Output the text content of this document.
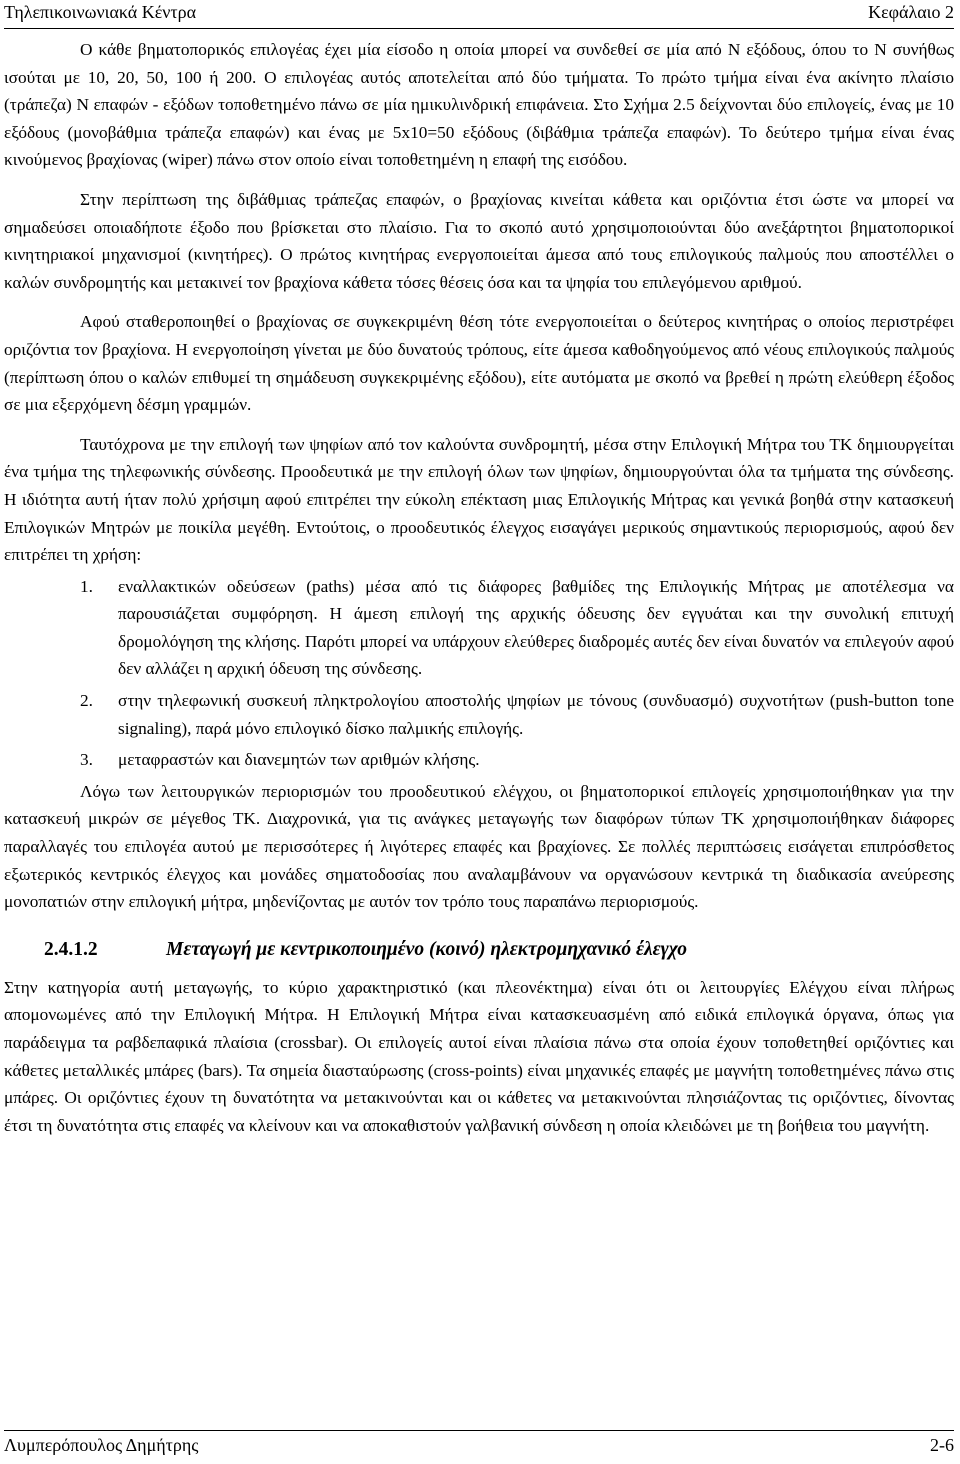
Τηλεπικοινωνιακά Κέντρα	Κεφάλαιο 2

Ο κάθε βηματοπορικός επιλογέας έχει μία είσοδο η οποία μπορεί να συνδεθεί σε μία από N εξόδους, όπου το N συνήθως ισούται με 10, 20, 50, 100 ή 200. Ο επιλογέας αυτός αποτελείται από δύο τμήματα. Το πρώτο τμήμα είναι ένα ακίνητο πλαίσιο (τράπεζα) N επαφών - εξόδων τοποθετημένο πάνω σε μία ημικυλινδρική επιφάνεια. Στο Σχήμα 2.5 δείχνονται δύο επιλογείς, ένας με 10 εξόδους (μονοβάθμια τράπεζα επαφών) και ένας με 5x10=50 εξόδους (διβάθμια τράπεζα επαφών). Το δεύτερο τμήμα είναι ένας κινούμενος βραχίονας (wiper) πάνω στον οποίο είναι τοποθετημένη η επαφή της εισόδου.

Στην περίπτωση της διβάθμιας τράπεζας επαφών, ο βραχίονας κινείται κάθετα και οριζόντια έτσι ώστε να μπορεί να σημαδεύσει οποιαδήποτε έξοδο που βρίσκεται στο πλαίσιο. Για το σκοπό αυτό χρησιμοποιούνται δύο ανεξάρτητοι βηματοπορικοί κινητηριακοί μηχανισμοί (κινητήρες). Ο πρώτος κινητήρας ενεργοποιείται άμεσα από τους επιλογικούς παλμούς που αποστέλλει ο καλών συνδρομητής και μετακινεί τον βραχίονα κάθετα τόσες θέσεις όσα και τα ψηφία του επιλεγόμενου αριθμού.

Αφού σταθεροποιηθεί ο βραχίονας σε συγκεκριμένη θέση τότε ενεργοποιείται ο δεύτερος κινητήρας ο οποίος περιστρέφει οριζόντια τον βραχίονα. Η ενεργοποίηση γίνεται με δύο δυνατούς τρόπους, είτε άμεσα καθοδηγούμενος από νέους επιλογικούς παλμούς (περίπτωση όπου ο καλών επιθυμεί τη σημάδευση συγκεκριμένης εξόδου), είτε αυτόματα με σκοπό να βρεθεί η πρώτη ελεύθερη έξοδος σε μια εξερχόμενη δέσμη γραμμών.

Ταυτόχρονα με την επιλογή των ψηφίων από τον καλούντα συνδρομητή, μέσα στην Επιλογική Μήτρα του ΤΚ δημιουργείται ένα τμήμα της τηλεφωνικής σύνδεσης. Προοδευτικά με την επιλογή όλων των ψηφίων, δημιουργούνται όλα τα τμήματα της σύνδεσης. Η ιδιότητα αυτή ήταν πολύ χρήσιμη αφού επιτρέπει την εύκολη επέκταση μιας Επιλογικής Μήτρας και γενικά βοηθά στην κατασκευή Επιλογικών Μητρών με ποικίλα μεγέθη. Εντούτοις, ο προοδευτικός έλεγχος εισαγάγει μερικούς σημαντικούς περιορισμούς, αφού δεν επιτρέπει τη χρήση:

1. εναλλακτικών οδεύσεων (paths) μέσα από τις διάφορες βαθμίδες της Επιλογικής Μήτρας με αποτέλεσμα να παρουσιάζεται συμφόρηση. Η άμεση επιλογή της αρχικής όδευσης δεν εγγυάται και την συνολική επιτυχή δρομολόγηση της κλήσης. Παρότι μπορεί να υπάρχουν ελεύθερες διαδρομές αυτές δεν είναι δυνατόν να επιλεγούν αφού δεν αλλάζει η αρχική όδευση της σύνδεσης.
2. στην τηλεφωνική συσκευή πληκτρολογίου αποστολής ψηφίων με τόνους (συνδυασμό) συχνοτήτων (push-button tone signaling), παρά μόνο επιλογικό δίσκο παλμικής επιλογής.
3. μεταφραστών και διανεμητών των αριθμών κλήσης.

Λόγω των λειτουργικών περιορισμών του προοδευτικού ελέγχου, οι βηματοπορικοί επιλογείς χρησιμοποιήθηκαν για την κατασκευή μικρών σε μέγεθος ΤΚ. Διαχρονικά, για τις ανάγκες μεταγωγής των διαφόρων τύπων ΤΚ χρησιμοποιήθηκαν διάφορες παραλλαγές του επιλογέα αυτού με περισσότερες ή λιγότερες επαφές και βραχίονες. Σε πολλές περιπτώσεις εισάγεται επιπρόσθετος εξωτερικός κεντρικός έλεγχος και μονάδες σηματοδοσίας που αναλαμβάνουν να οργανώσουν κεντρικά τη διαδικασία ανεύρεσης μονοπατιών στην επιλογική μήτρα, μηδενίζοντας με αυτόν τον τρόπο τους παραπάνω περιορισμούς.

2.4.1.2	Μεταγωγή με κεντρικοποιημένο (κοινό) ηλεκτρομηχανικό έλεγχο

Στην κατηγορία αυτή μεταγωγής, το κύριο χαρακτηριστικό (και πλεονέκτημα) είναι ότι οι λειτουργίες Ελέγχου είναι πλήρως απομονωμένες από την Επιλογική Μήτρα. Η Επιλογική Μήτρα είναι κατασκευασμένη από ειδικά επιλογικά όργανα, όπως για παράδειγμα τα ραβδεπαφικά πλαίσια (crossbar). Οι επιλογείς αυτοί είναι πλαίσια πάνω στα οποία έχουν τοποθετηθεί οριζόντιες και κάθετες μεταλλικές μπάρες (bars). Τα σημεία διασταύρωσης (cross-points) είναι μηχανικές επαφές με μαγνήτη τοποθετημένες πάνω στις μπάρες. Οι οριζόντιες έχουν τη δυνατότητα να μετακινούνται και οι κάθετες να μετακινούνται πλησιάζοντας τις οριζόντιες, δίνοντας έτσι τη δυνατότητα στις επαφές να κλείνουν και να αποκαθιστούν γαλβανική σύνδεση η οποία κλειδώνει με τη βοήθεια του μαγνήτη.

Λυμπερόπουλος Δημήτρης	2-6
